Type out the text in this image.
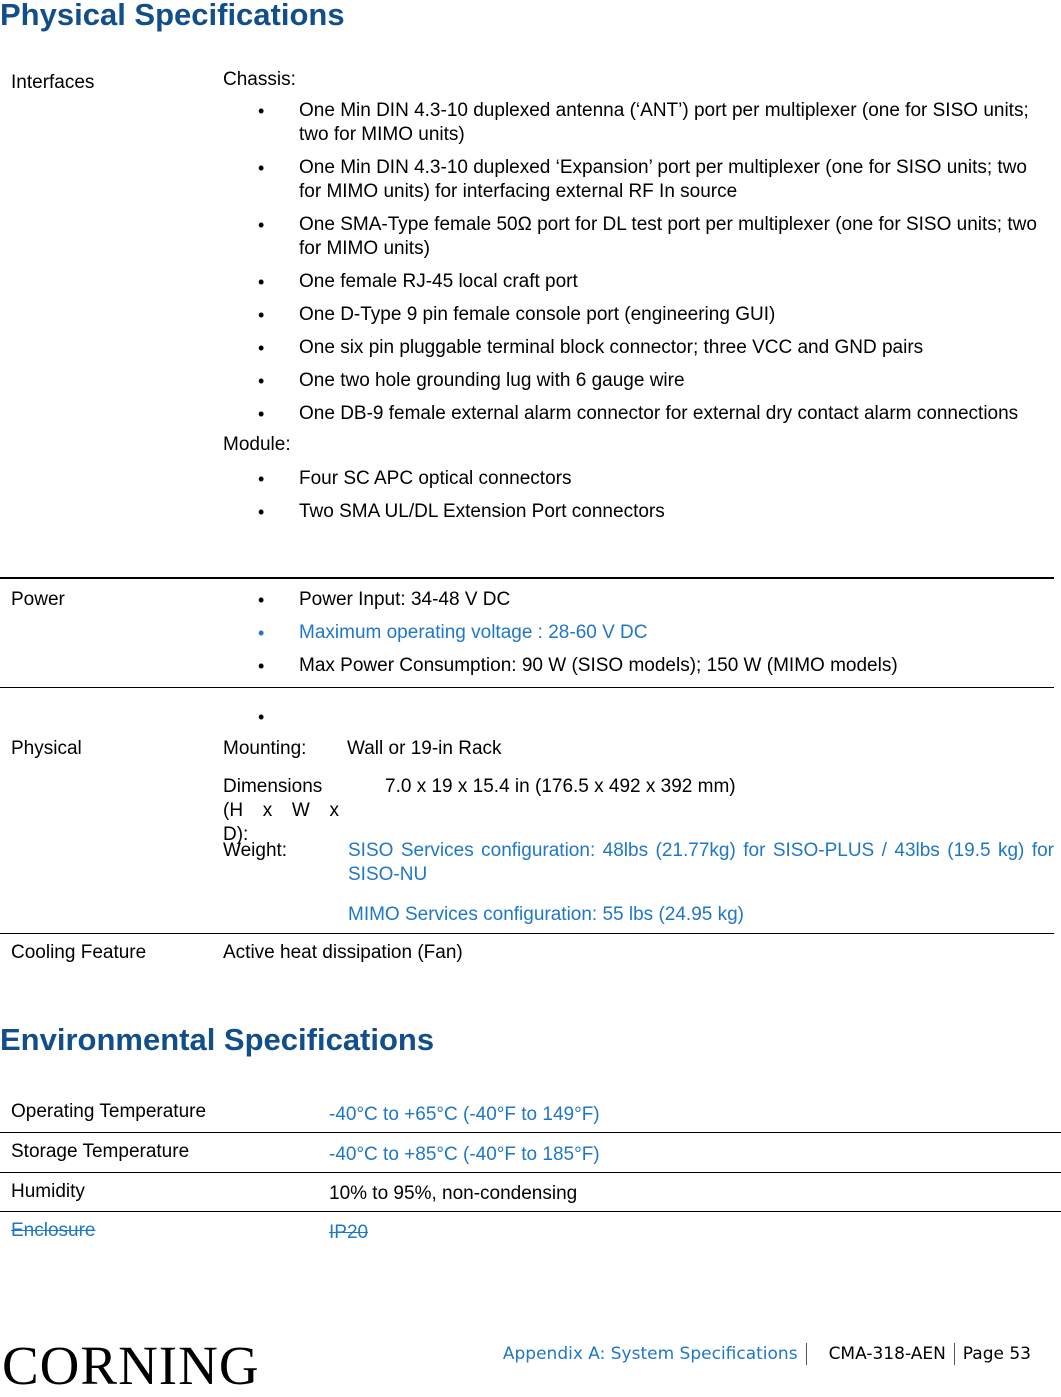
Physical Specifications
Interfaces	Chassis:
• One Min DIN 4.3-10 duplexed antenna (‘ANT’) port per multiplexer (one for SISO units; two for MIMO units)
• One Min DIN 4.3-10 duplexed ‘Expansion’ port per multiplexer (one for SISO units; two for MIMO units) for interfacing external RF In source
• One SMA-Type female 50Ω port for DL test port per multiplexer (one for SISO units; two for MIMO units)
• One female RJ-45 local craft port
• One D-Type 9 pin female console port (engineering GUI)
• One six pin pluggable terminal block connector; three VCC and GND pairs
• One two hole grounding lug with 6 gauge wire
• One DB-9 female external alarm connector for external dry contact alarm connections
Module:
• Four SC APC optical connectors
• Two SMA UL/DL Extension Port connectors
Power
•	Power Input: 34-48 V DC
• Maximum operating voltage : 28-60 V DC
• Max Power Consumption: 90 W (SISO models); 150 W (MIMO models)
Physical	Mounting: Wall or 19-in Rack
Dimensions (H x W x D):
7.0 x 19 x 15.4 in (176.5 x 492 x 392 mm)
Weight:	SISO Services configuration: 48lbs (21.77kg) for SISO-PLUS / 43lbs (19.5 kg) for SISO-NU
MIMO Services configuration: 55 lbs (24.95 kg)
Cooling Feature	Active heat dissipation (Fan)
Environmental Specifications
Operating Temperature	-40°C to +65°C (-40°F to 149°F)
Storage Temperature	-40°C to +85°C (-40°F to 185°F)
Humidity	10% to 95%, non-condensing
Enclosure	IP20
CORNING	Appendix A: System Specifications CMA-318-AEN Page 53
